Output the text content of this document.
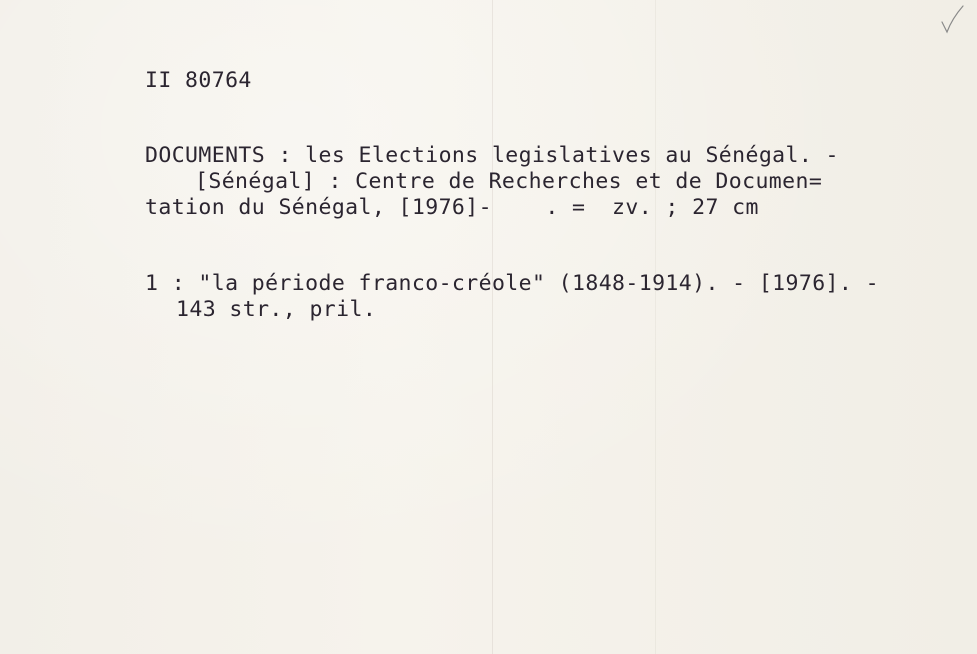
II 80764

DOCUMENTS : les Elections legislatives au Sénégal. -

[Sénégal] : Centre de Recherches et de Documen=

tation du Sénégal, [1976]-    . =  zv. ; 27 cm

1 : "la période franco-créole" (1848-1914). - [1976]. -

143 str., pril.
